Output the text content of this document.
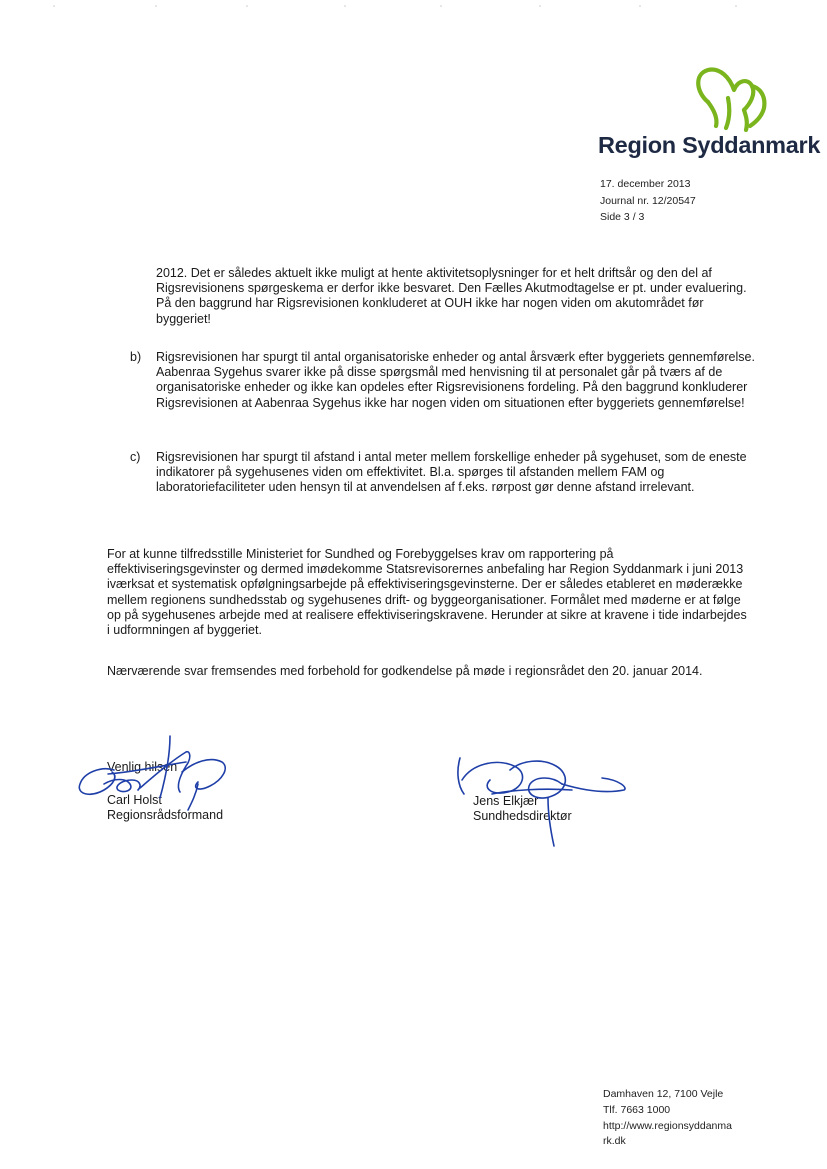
Region Syddanmark
17. december 2013
Journal nr. 12/20547
Side 3 / 3
2012. Det er således aktuelt ikke muligt at hente aktivitetsoplysninger for et helt driftsår og den del af Rigsrevisionens spørgeskema er derfor ikke besvaret. Den Fælles Akutmodtagelse er pt. under evaluering. På den baggrund har Rigsrevisionen konkluderet at OUH ikke har nogen viden om akutområdet før byggeriet!
b)	Rigsrevisionen har spurgt til antal organisatoriske enheder og antal årsværk efter byggeriets gennemførelse. Aabenraa Sygehus svarer ikke på disse spørgsmål med henvisning til at personalet går på tværs af de organisatoriske enheder og ikke kan opdeles efter Rigsrevisionens fordeling. På den baggrund konkluderer Rigsrevisionen at Aabenraa Sygehus ikke har nogen viden om situationen efter byggeriets gennemførelse!
c)	Rigsrevisionen har spurgt til afstand i antal meter mellem forskellige enheder på sygehuset, som de eneste indikatorer på sygehusenes viden om effektivitet. Bl.a. spørges til afstanden mellem FAM og laboratoriefaciliteter uden hensyn til at anvendelsen af f.eks. rørpost gør denne afstand irrelevant.
For at kunne tilfredsstille Ministeriet for Sundhed og Forebyggelses krav om rapportering på effektiviseringsgevinster og dermed imødekomme Statsrevisorernes anbefaling har Region Syddanmark i juni 2013 iværksat et systematisk opfølgningsarbejde på effektiviseringsgevinsterne. Der er således etableret en møderække mellem regionens sundhedsstab og sygehusenes drift- og byggeorganisationer. Formålet med møderne er at følge op på sygehusenes arbejde med at realisere effektiviseringskravene. Herunder at sikre at kravene i tide indarbejdes i udformningen af byggeriet.
Nærværende svar fremsendes med forbehold for godkendelse på møde i regionsrådet den 20. januar 2014.
Venlig hilsen
Carl Holst
Regionsrådsformand
Jens Elkjær
Sundhedsdirektør
Damhaven 12, 7100 Vejle
Tlf. 7663 1000
http://www.regionsyddanma
rk.dk
